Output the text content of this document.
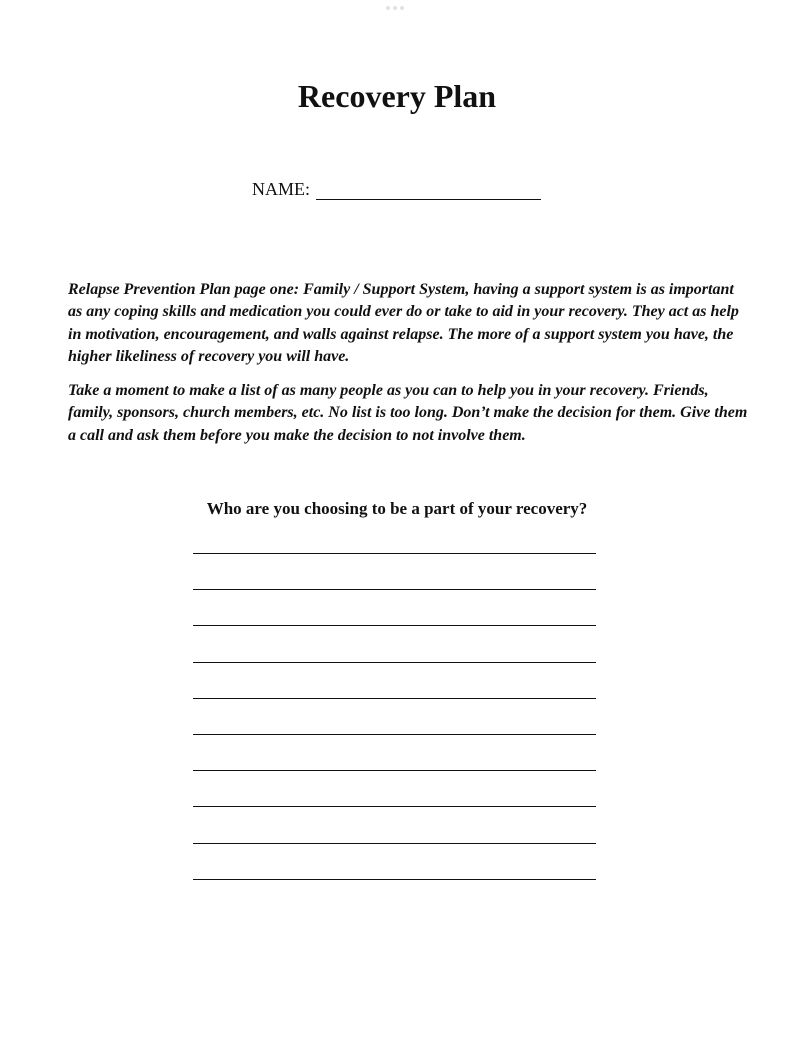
Recovery Plan
NAME:

Relapse Prevention Plan page one: Family / Support System, having a support system is as important as any coping skills and medication you could ever do or take to aid in your recovery. They act as help in motivation, encouragement, and walls against relapse. The more of a support system you have, the higher likeliness of recovery you will have.

Take a moment to make a list of as many people as you can to help you in your recovery. Friends, family, sponsors, church members, etc. No list is too long. Don’t make the decision for them. Give them a call and ask them before you make the decision to not involve them.

Who are you choosing to be a part of your recovery?
